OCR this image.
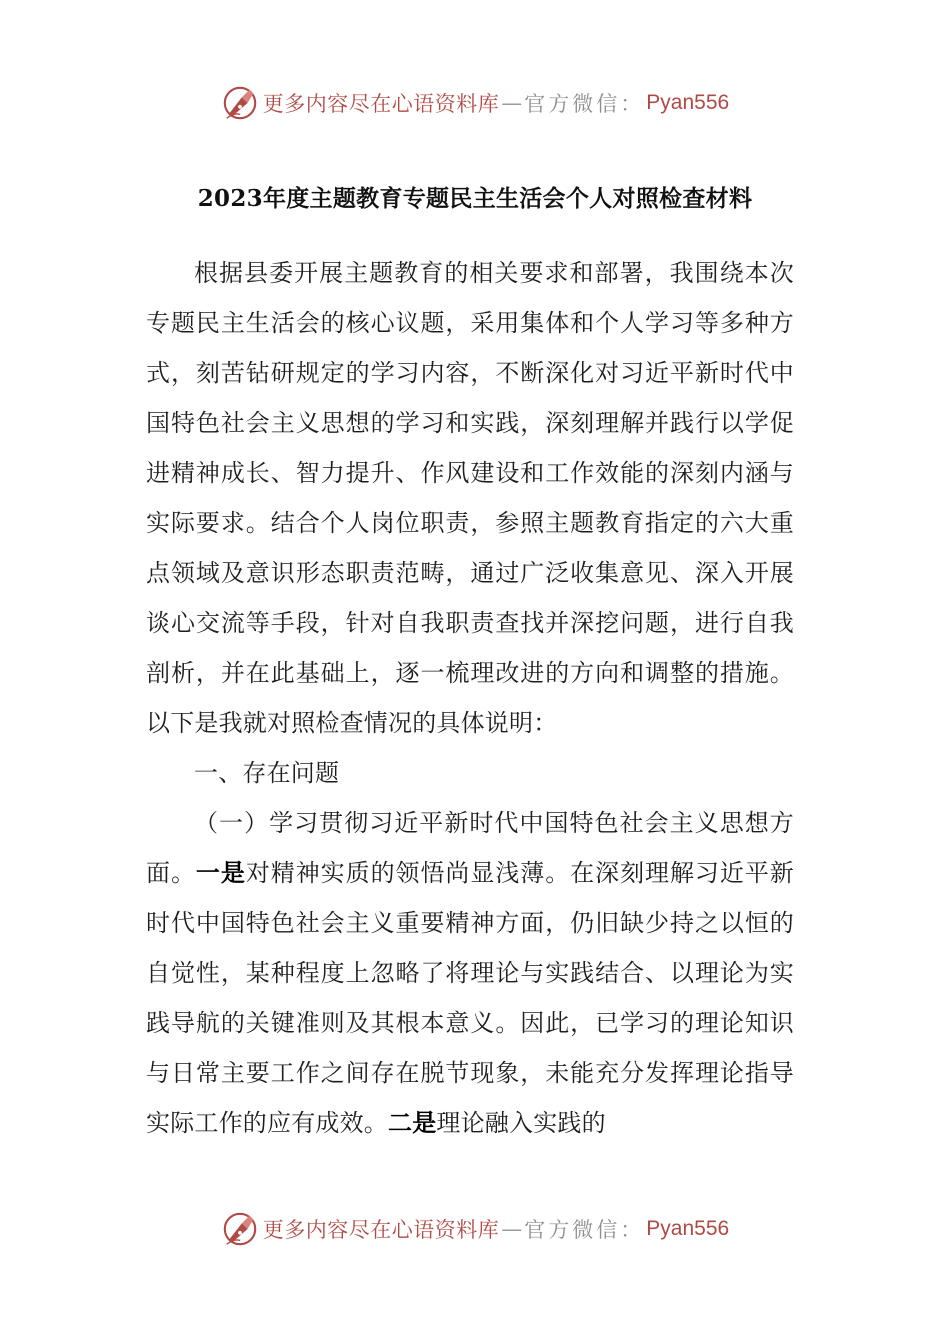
更多内容尽在心语资料库 — 官方微信： Pyan556
2023年度主题教育专题民主生活会个人对照检查材料

根据县委开展主题教育的相关要求和部署，我围绕本次专题民主生活会的核心议题，采用集体和个人学习等多种方式，刻苦钻研规定的学习内容，不断深化对习近平新时代中国特色社会主义思想的学习和实践，深刻理解并践行以学促进精神成长、智力提升、作风建设和工作效能的深刻内涵与实际要求。结合个人岗位职责，参照主题教育指定的六大重点领域及意识形态职责范畴，通过广泛收集意见、深入开展谈心交流等手段，针对自我职责查找并深挖问题，进行自我剖析，并在此基础上，逐一梳理改进的方向和调整的措施。以下是我就对照检查情况的具体说明：

一、存在问题

（一）学习贯彻习近平新时代中国特色社会主义思想方面。一是对精神实质的领悟尚显浅薄。在深刻理解习近平新时代中国特色社会主义重要精神方面，仍旧缺少持之以恒的自觉性，某种程度上忽略了将理论与实践结合、以理论为实践导航的关键准则及其根本意义。因此，已学习的理论知识与日常主要工作之间存在脱节现象，未能充分发挥理论指导实际工作的应有成效。二是理论融入实践的

更多内容尽在心语资料库 — 官方微信： Pyan556
